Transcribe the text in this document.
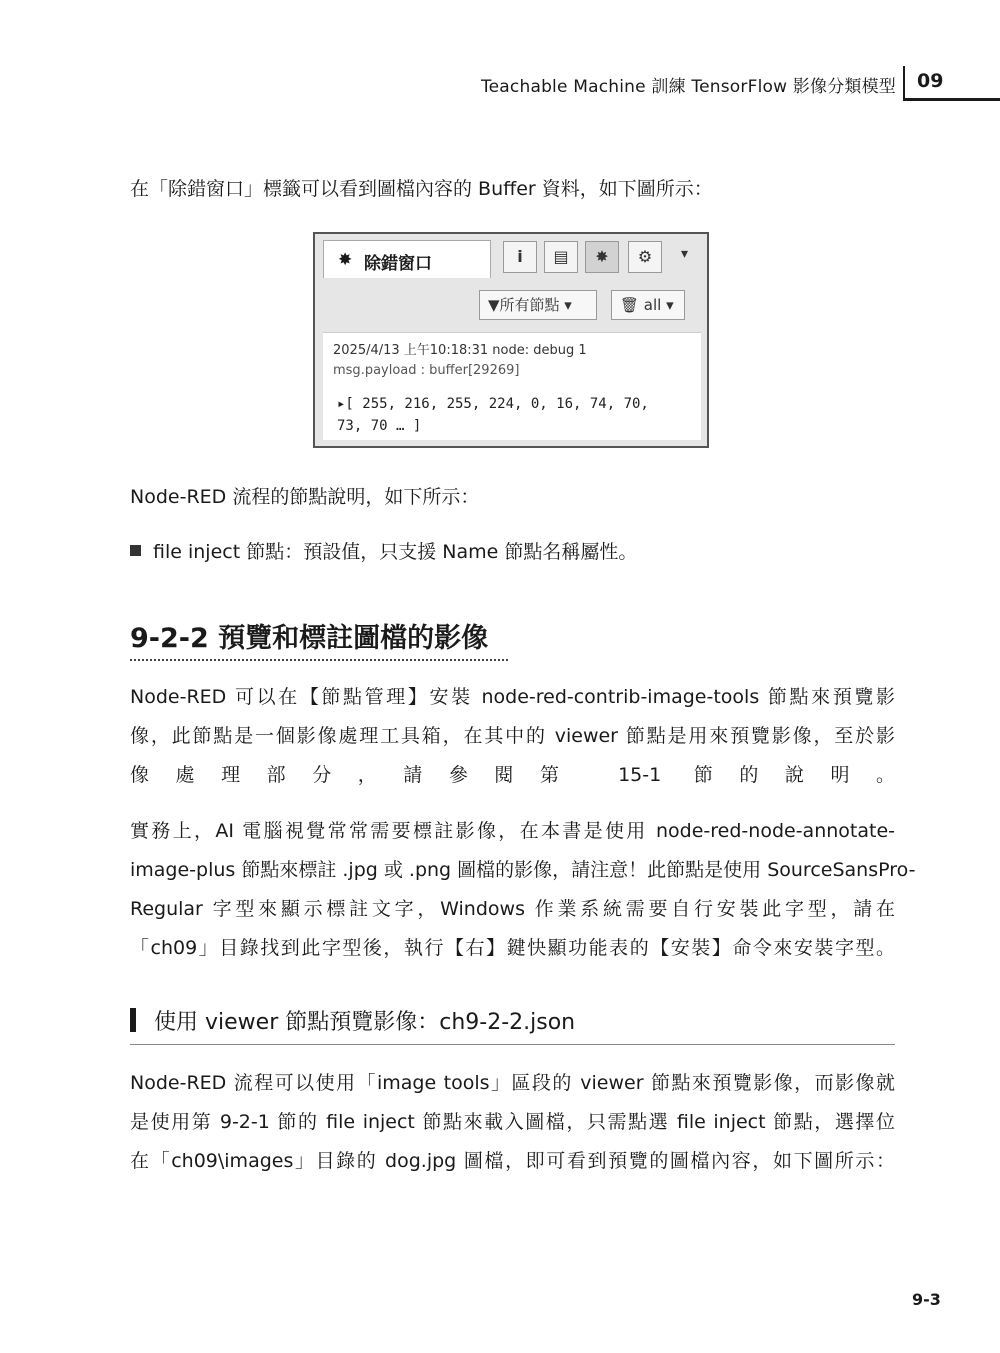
Teachable Machine 訓練 TensorFlow 影像分類模型 09

在「除錯窗口」標籤可以看到圖檔內容的 Buffer 資料，如下圖所示：

✸ 除錯窗口	i	▤	✸	⚙	▾
▼所有節點 ▾	🗑 all ▾
2025/4/13 上午10:18:31 node: debug 1
msg.payload : buffer[29269]
▸[ 255, 216, 255, 224, 0, 16, 74, 70,
73, 70 … ]

Node-RED 流程的節點說明，如下所示：

file inject 節點：預設值，只支援 Name 節點名稱屬性。
9-2-2 預覽和標註圖檔的影像

Node-RED 可以在【節點管理】安裝 node-red-contrib-image-tools 節點來預覽影
像，此節點是一個影像處理工具箱，在其中的 viewer 節點是用來預覽影像，至於影
像處理部分，請參閱第 15-1 節的說明。

實務上，AI 電腦視覺常常需要標註影像，在本書是使用 node-red-node-annotate-
image-plus 節點來標註 .jpg 或 .png 圖檔的影像，請注意！此節點是使用 SourceSansPro-
Regular 字型來顯示標註文字，Windows 作業系統需要自行安裝此字型，請在
「ch09」目錄找到此字型後，執行【右】鍵快顯功能表的【安裝】命令來安裝字型。

使用 viewer 節點預覽影像：ch9-2-2.json

Node-RED 流程可以使用「image tools」區段的 viewer 節點來預覽影像，而影像就
是使用第 9-2-1 節的 file inject 節點來載入圖檔，只需點選 file inject 節點，選擇位
在「ch09\images」目錄的 dog.jpg 圖檔，即可看到預覽的圖檔內容，如下圖所示：

9-3
